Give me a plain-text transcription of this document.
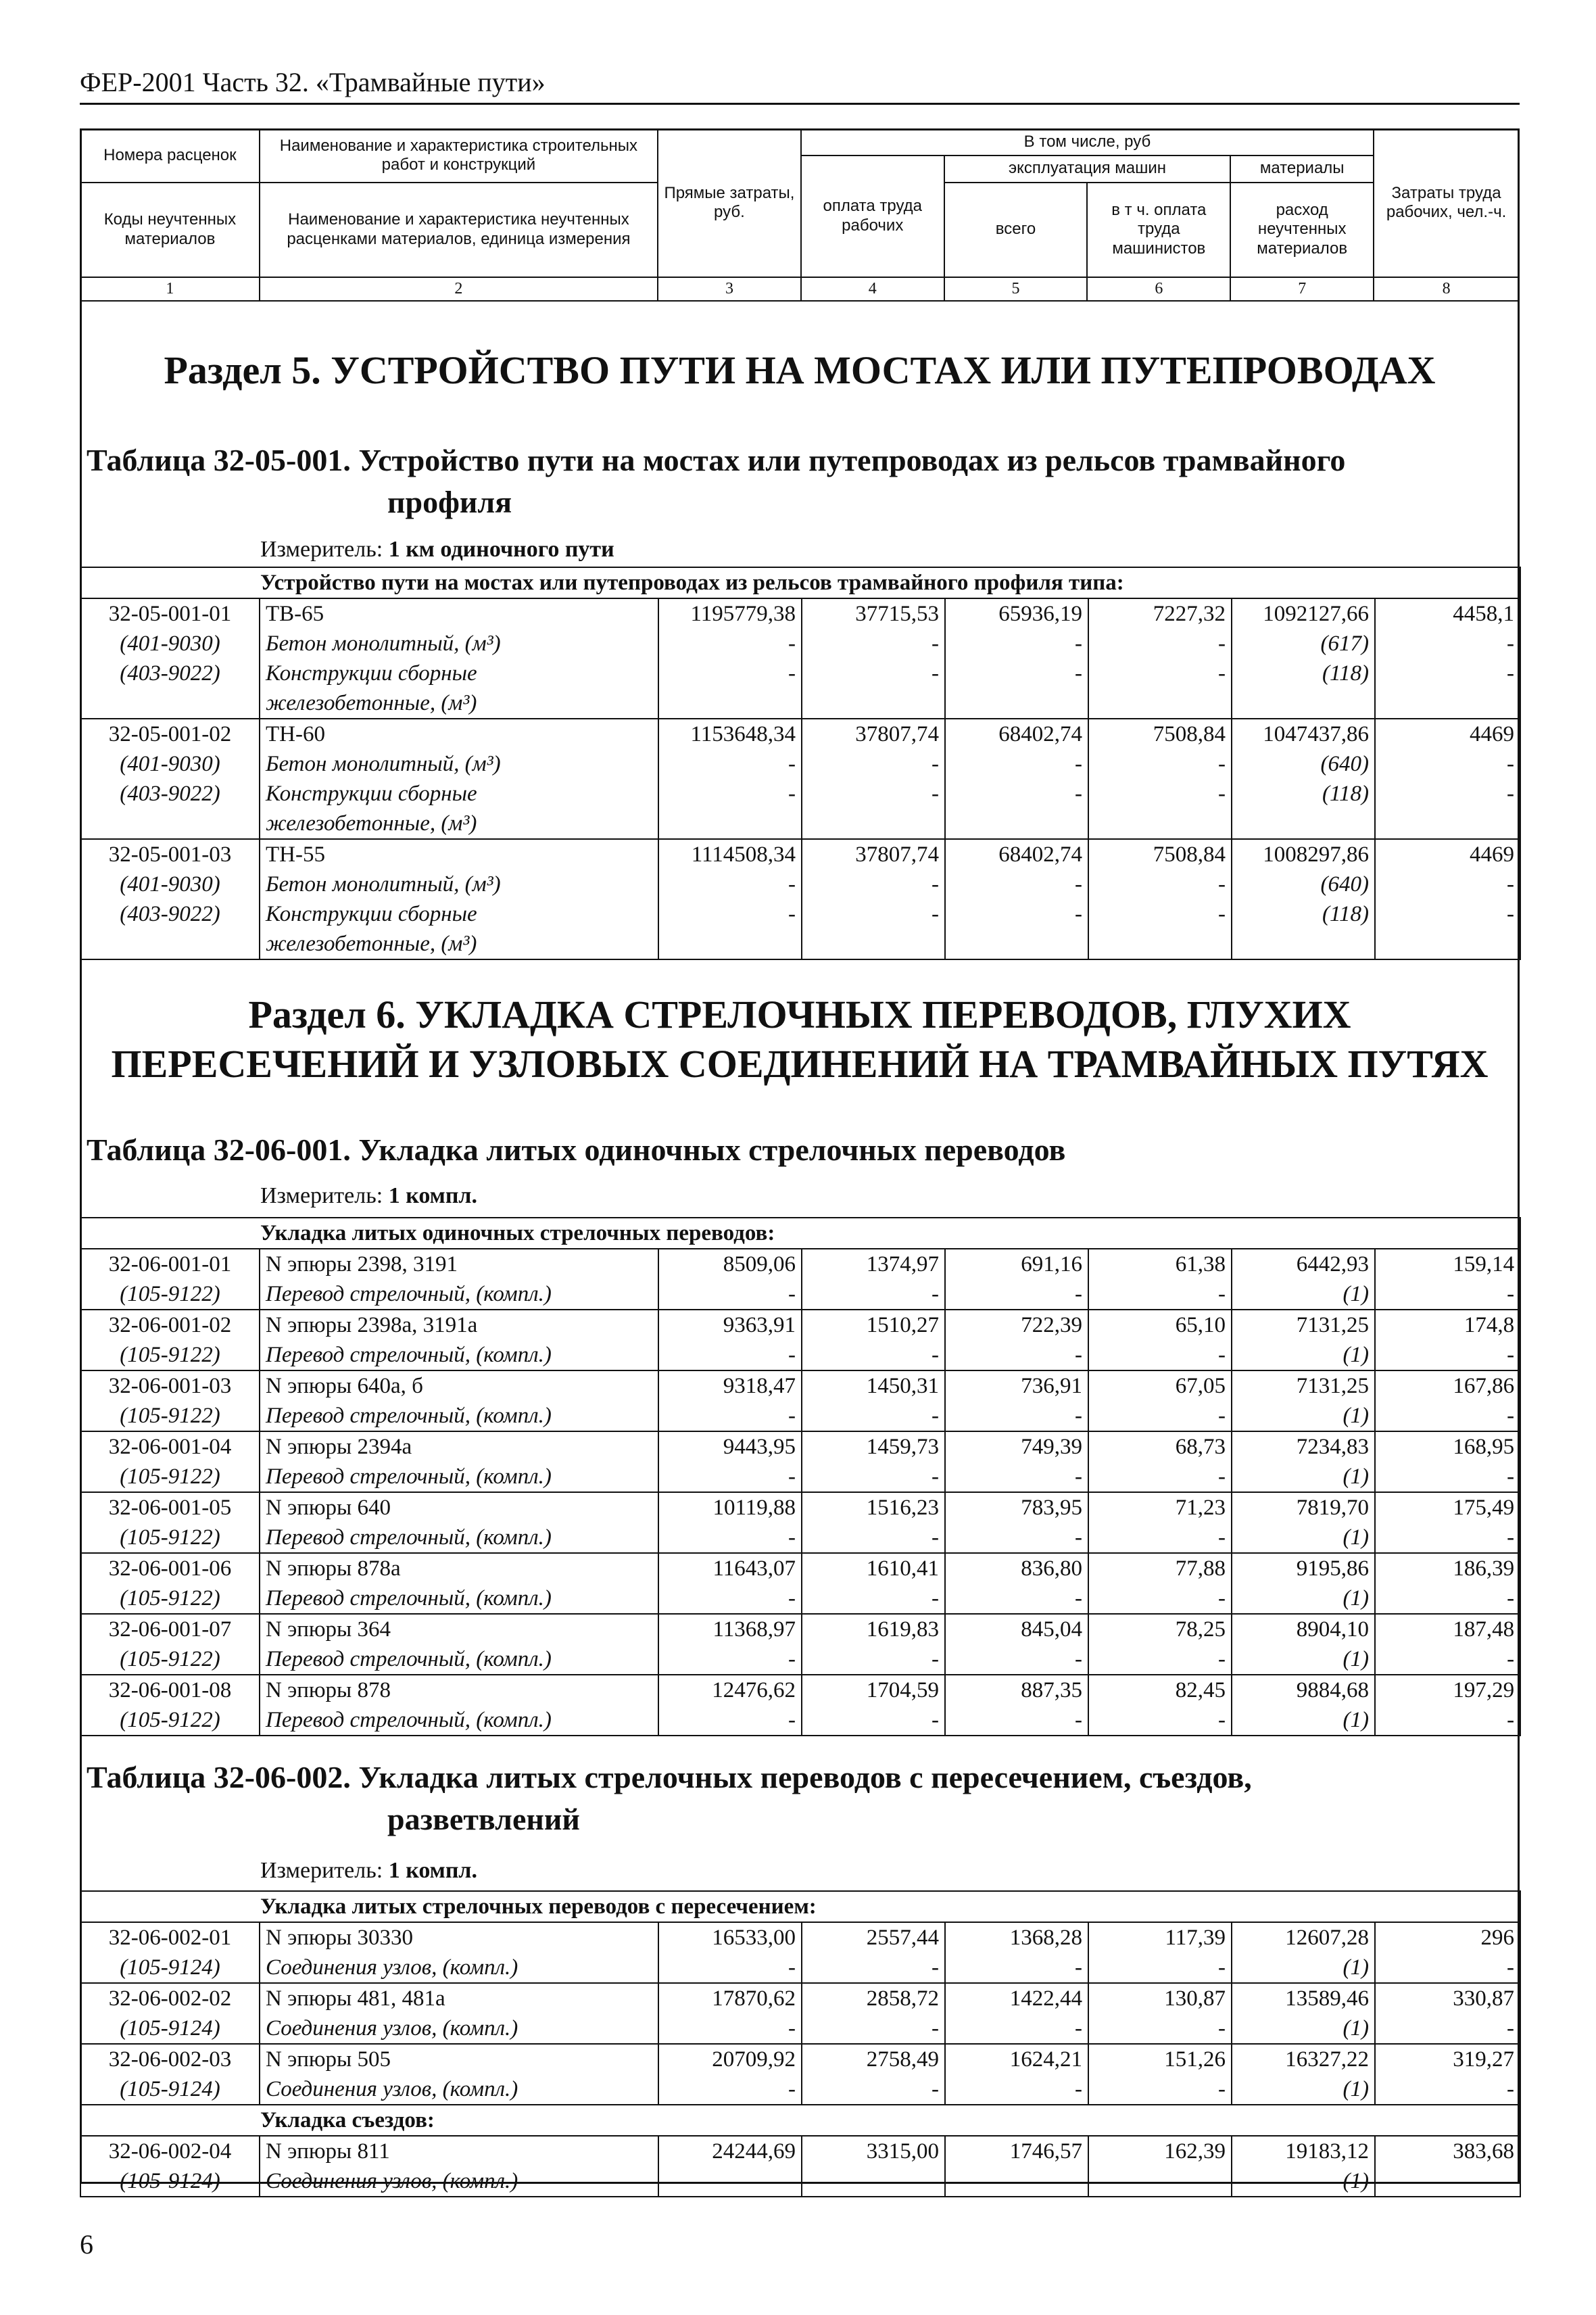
ФЕР-2001 Часть 32. «Трамвайные пути»
Номера расценок	Наименование и характеристика строительных работ и конструкций	Прямые затраты, руб.	В том числе, руб				Затраты труда рабочих, чел.-ч.
			оплата труда рабочих	эксплуатация машин		материалы	
Коды неучтенных материалов	Наименование и характеристика неучтенных расценками материалов, единица измерения			всего	в т ч. оплата труда машинистов	расход неучтенных материалов	

1	2	3	4	5	6	7	8
Раздел 5. УСТРОЙСТВО ПУТИ НА МОСТАХ ИЛИ ПУТЕПРОВОДАХ
Таблица 32-05-001. Устройство пути на мостах или путепроводах из рельсов трамвайного
профиля
Измеритель: 1 км одиночного пути
Устройство пути на мостах или путепроводах из рельсов трамвайного профиля типа:							
32-05-001-01	ТВ-65	1195779,38	37715,53	65936,19	7227,32	1092127,66	4458,1
(401-9030)	Бетон монолитный, (м³)	-	-	-	-	(617)	-
(403-9022)	Конструкции сборные	-	-	-	-	(118)	-
	железобетонные, (м³)						
32-05-001-02	ТН-60	1153648,34	37807,74	68402,74	7508,84	1047437,86	4469
(401-9030)	Бетон монолитный, (м³)	-	-	-	-	(640)	-
(403-9022)	Конструкции сборные	-	-	-	-	(118)	-
	железобетонные, (м³)						
32-05-001-03	ТН-55	1114508,34	37807,74	68402,74	7508,84	1008297,86	4469
(401-9030)	Бетон монолитный, (м³)	-	-	-	-	(640)	-
(403-9022)	Конструкции сборные	-	-	-	-	(118)	-
	железобетонные, (м³)						
Раздел 6. УКЛАДКА СТРЕЛОЧНЫХ ПЕРЕВОДОВ, ГЛУХИХ
ПЕРЕСЕЧЕНИЙ И УЗЛОВЫХ СОЕДИНЕНИЙ НА ТРАМВАЙНЫХ ПУТЯХ
Таблица 32-06-001. Укладка литых одиночных стрелочных переводов
Измеритель: 1 компл.
Укладка литых одиночных стрелочных переводов:							
32-06-001-01	N эпюры 2398, 3191	8509,06	1374,97	691,16	61,38	6442,93	159,14
(105-9122)	Перевод стрелочный, (компл.)	-	-	-	-	(1)	-
32-06-001-02	N эпюры 2398а, 3191а	9363,91	1510,27	722,39	65,10	7131,25	174,8
(105-9122)	Перевод стрелочный, (компл.)	-	-	-	-	(1)	-
32-06-001-03	N эпюры 640а, б	9318,47	1450,31	736,91	67,05	7131,25	167,86
(105-9122)	Перевод стрелочный, (компл.)	-	-	-	-	(1)	-
32-06-001-04	N эпюры 2394а	9443,95	1459,73	749,39	68,73	7234,83	168,95
(105-9122)	Перевод стрелочный, (компл.)	-	-	-	-	(1)	-
32-06-001-05	N эпюры 640	10119,88	1516,23	783,95	71,23	7819,70	175,49
(105-9122)	Перевод стрелочный, (компл.)	-	-	-	-	(1)	-
32-06-001-06	N эпюры 878а	11643,07	1610,41	836,80	77,88	9195,86	186,39
(105-9122)	Перевод стрелочный, (компл.)	-	-	-	-	(1)	-
32-06-001-07	N эпюры 364	11368,97	1619,83	845,04	78,25	8904,10	187,48
(105-9122)	Перевод стрелочный, (компл.)	-	-	-	-	(1)	-
32-06-001-08	N эпюры 878	12476,62	1704,59	887,35	82,45	9884,68	197,29
(105-9122)	Перевод стрелочный, (компл.)	-	-	-	-	(1)	-
Таблица 32-06-002. Укладка литых стрелочных переводов с пересечением, съездов,
разветвлений
Измеритель: 1 компл.
Укладка литых стрелочных переводов с пересечением:							
32-06-002-01	N эпюры 30330	16533,00	2557,44	1368,28	117,39	12607,28	296
(105-9124)	Соединения узлов, (компл.)	-	-	-	-	(1)	-
32-06-002-02	N эпюры 481, 481а	17870,62	2858,72	1422,44	130,87	13589,46	330,87
(105-9124)	Соединения узлов, (компл.)	-	-	-	-	(1)	-
32-06-002-03	N эпюры 505	20709,92	2758,49	1624,21	151,26	16327,22	319,27
(105-9124)	Соединения узлов, (компл.)	-	-	-	-	(1)	-
Укладка съездов:							
32-06-002-04	N эпюры 811	24244,69	3315,00	1746,57	162,39	19183,12	383,68
(105-9124)	Соединения узлов, (компл.)	-	-	-	-	(1)	-
6
